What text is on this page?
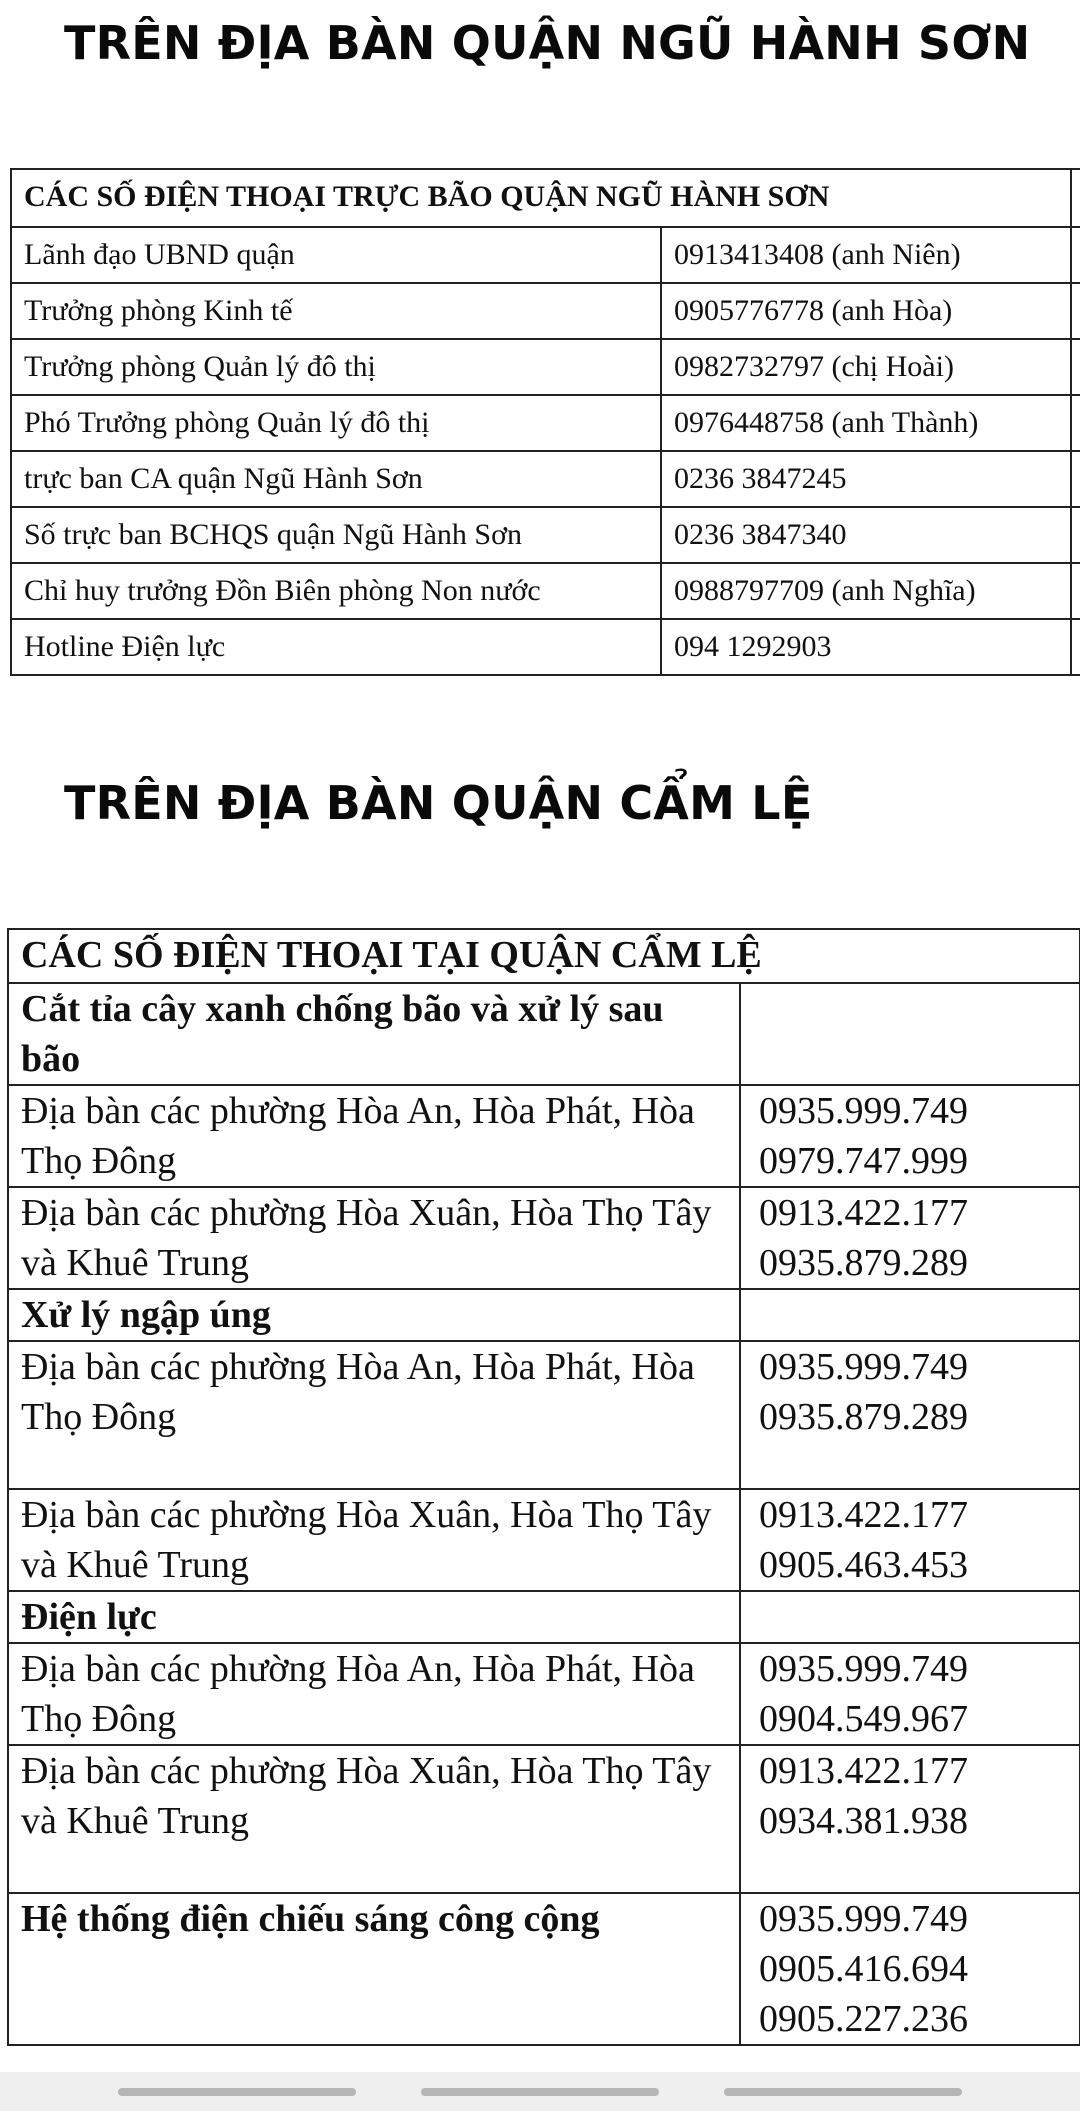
TRÊN ĐỊA BÀN QUẬN NGŨ HÀNH SƠN
CÁC SỐ ĐIỆN THOẠI TRỰC BÃO QUẬN NGŨ HÀNH SƠN		
Lãnh đạo UBND quận	0913413408 (anh Niên)	
Trưởng phòng Kinh tế	0905776778 (anh Hòa)	
Trưởng phòng Quản lý đô thị	0982732797 (chị Hoài)	
Phó Trưởng phòng Quản lý đô thị	0976448758 (anh Thành)	
trực ban CA quận Ngũ Hành Sơn	0236 3847245	
Số trực ban BCHQS quận Ngũ Hành Sơn	0236 3847340	
Chỉ huy trưởng Đồn Biên phòng Non nước	0988797709 (anh Nghĩa)	
Hotline Điện lực	094 1292903	
TRÊN ĐỊA BÀN QUẬN CẨM LỆ
CÁC SỐ ĐIỆN THOẠI TẠI QUẬN CẨM LỆ		
Cắt tỉa cây xanh chống bão và xử lý sau bão		
Địa bàn các phường Hòa An, Hòa Phát, Hòa Thọ Đông	0935.999.749
0979.747.999	

Địa bàn các phường Hòa Xuân, Hòa Thọ Tây và Khuê Trung	0913.422.177
0935.879.289	

Xử lý ngập úng		
Địa bàn các phường Hòa An, Hòa Phát, Hòa Thọ Đông	0935.999.749
0935.879.289	

Địa bàn các phường Hòa Xuân, Hòa Thọ Tây và Khuê Trung	0913.422.177
0905.463.453	

Điện lực		
Địa bàn các phường Hòa An, Hòa Phát, Hòa Thọ Đông	0935.999.749
0904.549.967	

Địa bàn các phường Hòa Xuân, Hòa Thọ Tây và Khuê Trung	0913.422.177
0934.381.938	

Hệ thống điện chiếu sáng công cộng	0935.999.749
0905.416.694
0905.227.236	
